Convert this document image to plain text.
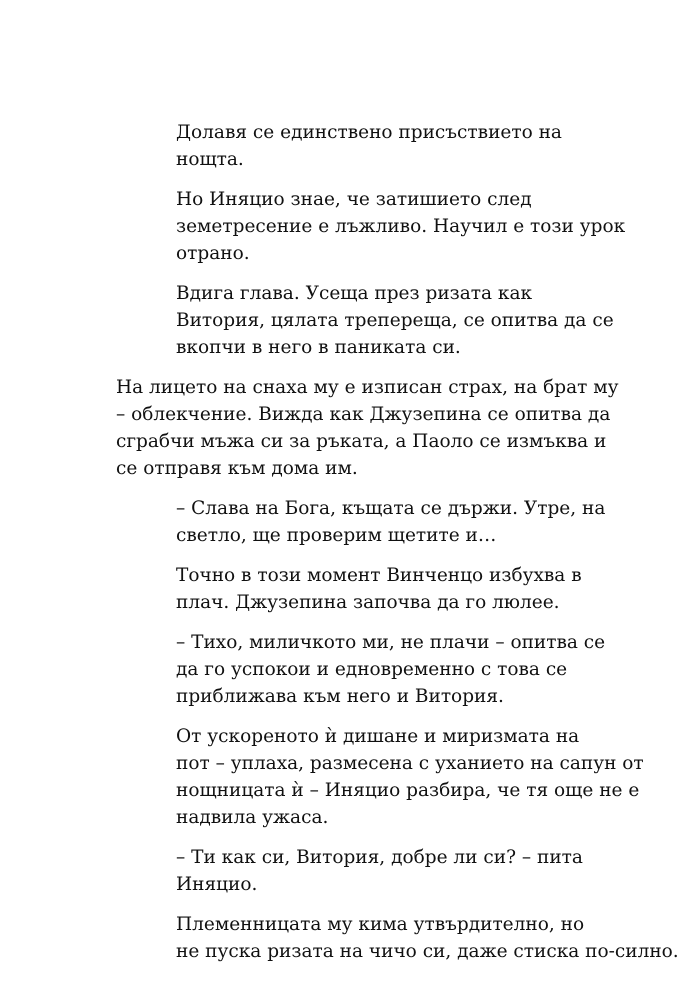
Долавя се единствено присъствието на
нощта.

Но Иняцио знае, че затишието след
земетресение е лъжливо. Научил е този урок
отрано.

Вдига глава. Усеща през ризата как
Витория, цялата трепереща, се опитва да се
вкопчи в него в паниката си.

На лицето на снаха му е изписан страх, на брат му
– облекчение. Вижда как Джузепина се опитва да
сграбчи мъжа си за ръката, а Паоло се измъква и
се отправя към дома им.

– Слава на Бога, къщата се държи. Утре, на
светло, ще проверим щетите и…

Точно в този момент Винченцо избухва в
плач. Джузепина започва да го люлее.

– Тихо, миличкото ми, не плачи – опитва се
да го успокои и едновременно с това се
приближава към него и Витория.

От ускореното ѝ дишане и миризмата на
пот – уплаха, размесена с уханието на сапун от
нощницата ѝ – Иняцио разбира, че тя още не е
надвила ужаса.

– Ти как си, Витория, добре ли си? – пита
Иняцио.

Племенницата му кима утвърдително, но
не пуска ризата на чичо си, даже стиска по-силно.
